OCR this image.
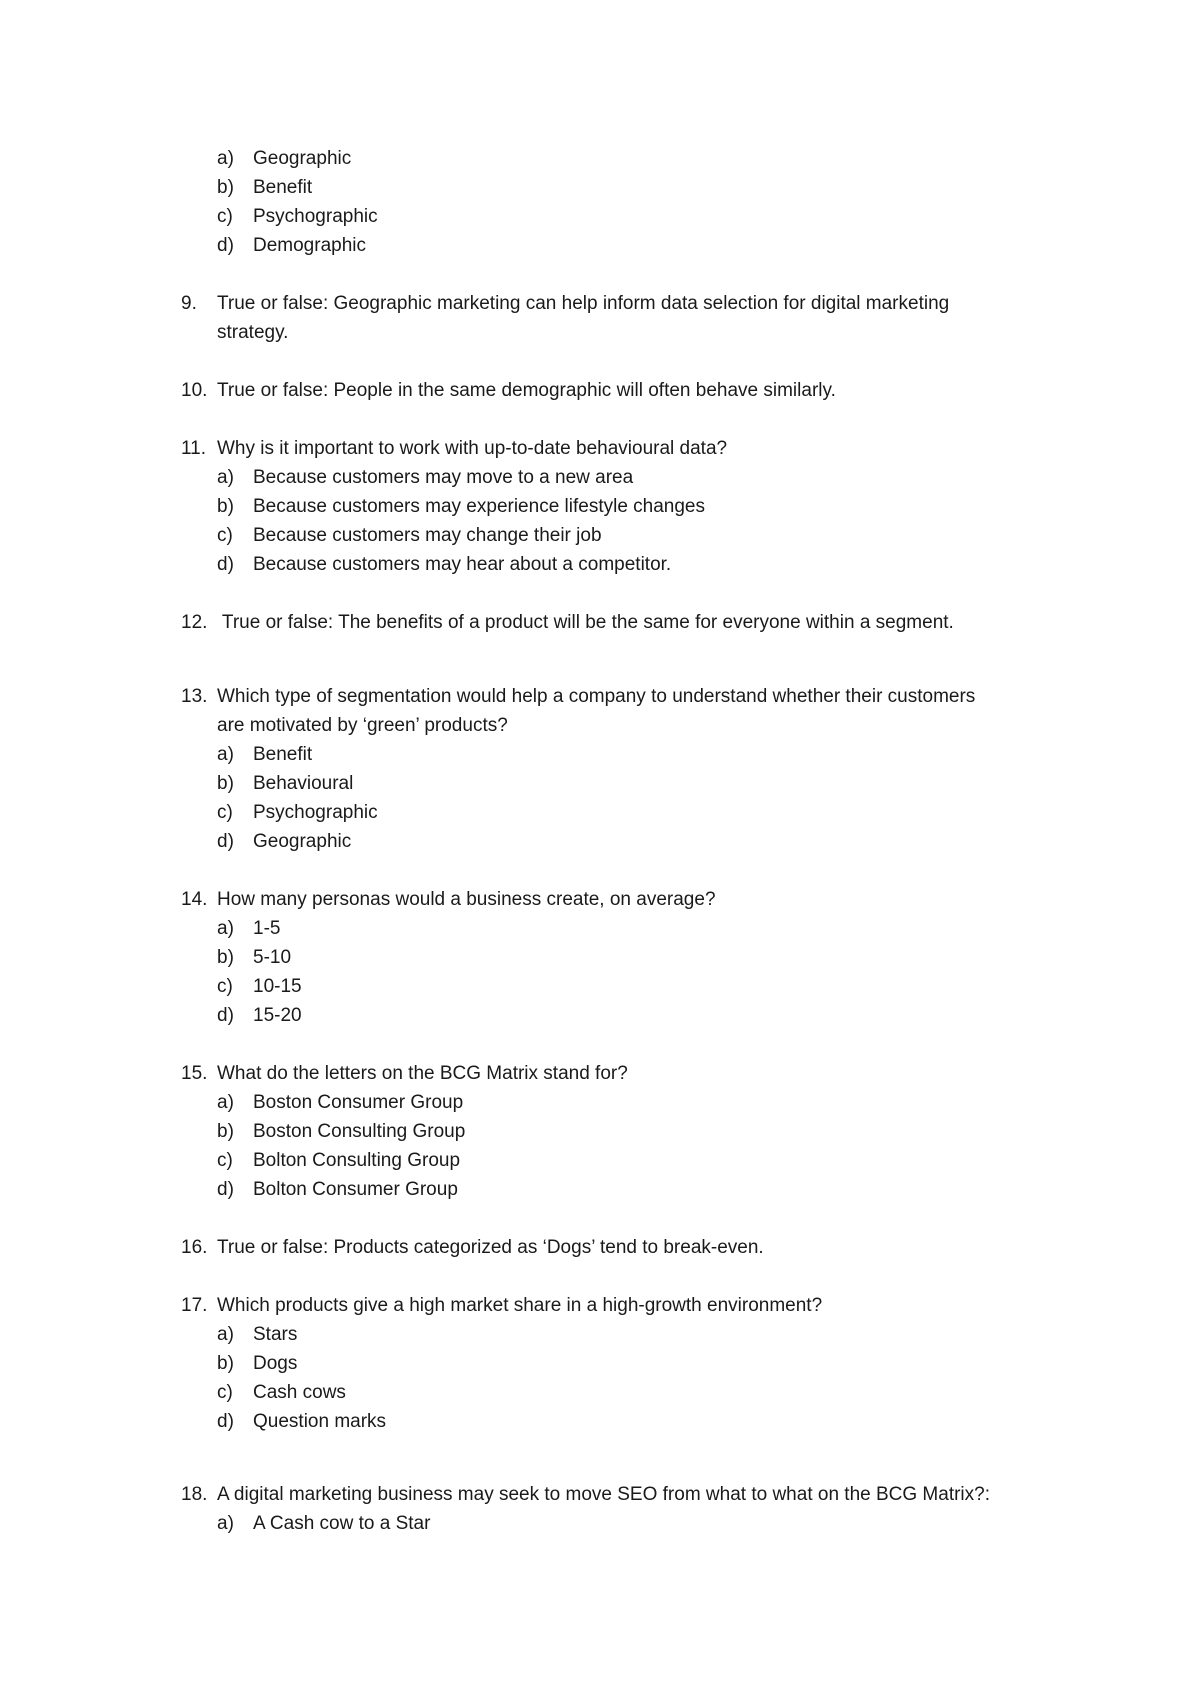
a) Geographic
b) Benefit
c) Psychographic
d) Demographic
9. True or false: Geographic marketing can help inform data selection for digital marketing
strategy.
10. True or false: People in the same demographic will often behave similarly.
11. Why is it important to work with up-to-date behavioural data?
a) Because customers may move to a new area
b) Because customers may experience lifestyle changes
c) Because customers may change their job
d) Because customers may hear about a competitor.
12. True or false: The benefits of a product will be the same for everyone within a segment.
13. Which type of segmentation would help a company to understand whether their customers
are motivated by ‘green’ products?
a) Benefit
b) Behavioural
c) Psychographic
d) Geographic
14. How many personas would a business create, on average?
a) 1-5
b) 5-10
c) 10-15
d) 15-20
15. What do the letters on the BCG Matrix stand for?
a) Boston Consumer Group
b) Boston Consulting Group
c) Bolton Consulting Group
d) Bolton Consumer Group
16. True or false: Products categorized as ‘Dogs’ tend to break-even.
17. Which products give a high market share in a high-growth environment?
a) Stars
b) Dogs
c) Cash cows
d) Question marks
18. A digital marketing business may seek to move SEO from what to what on the BCG Matrix?:
a) A Cash cow to a Star
